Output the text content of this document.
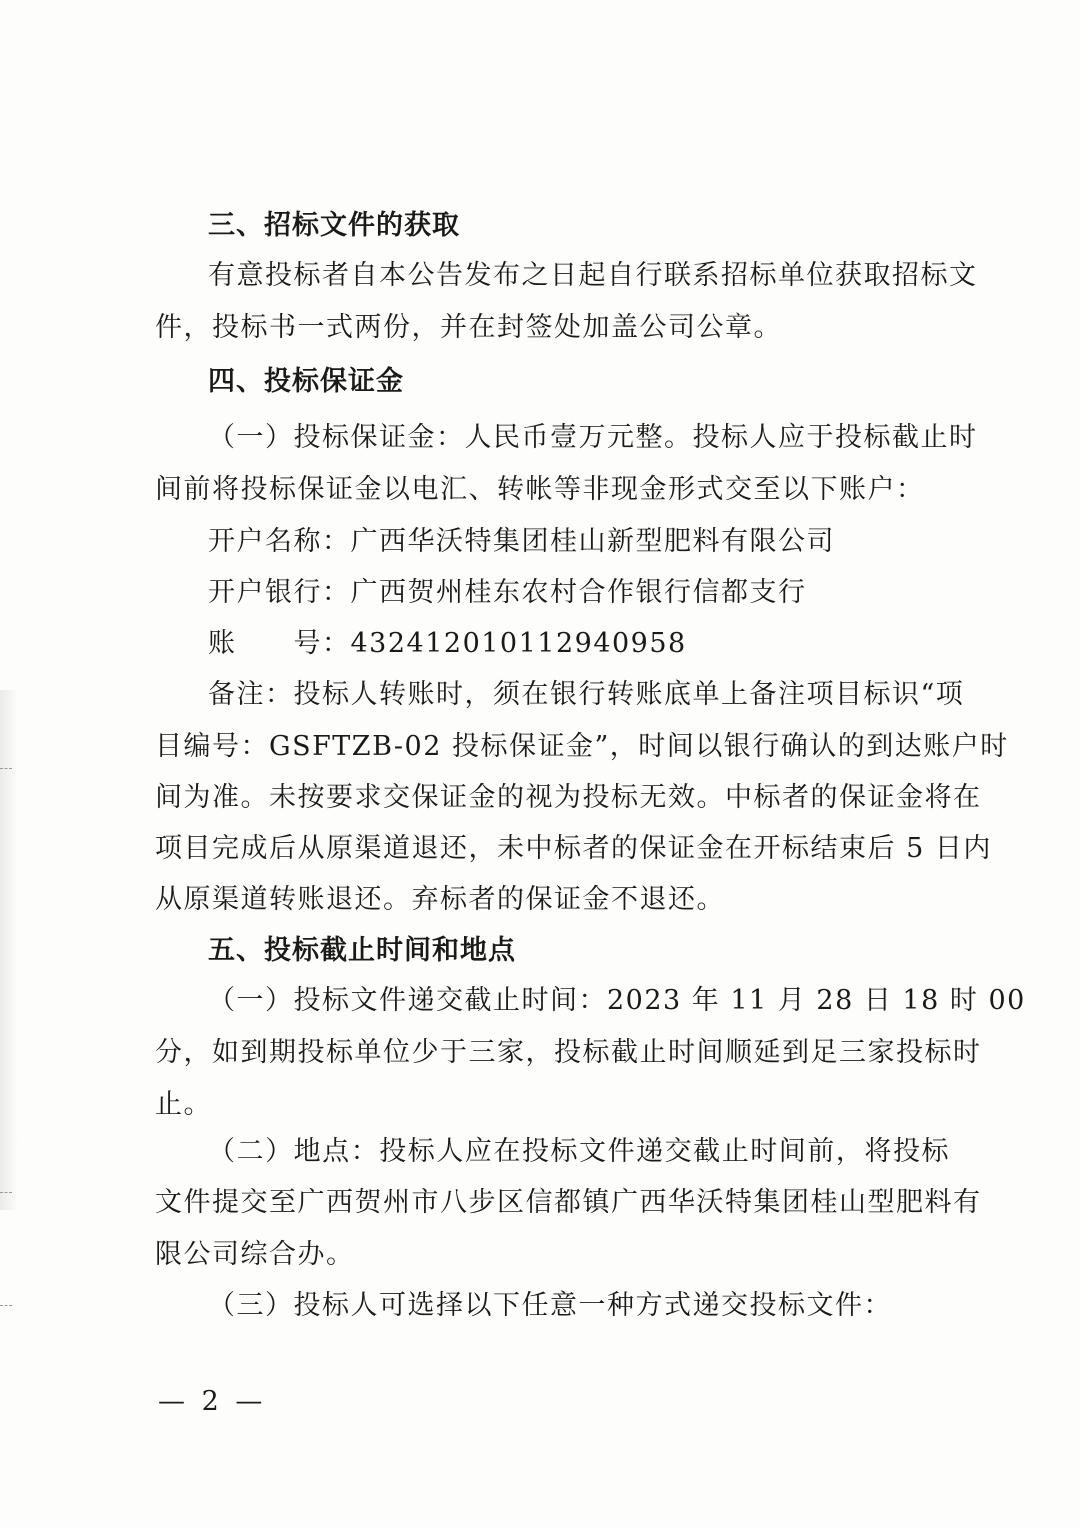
三、招标文件的获取
有意投标者自本公告发布之日起自行联系招标单位获取招标文
件，投标书一式两份，并在封签处加盖公司公章。
四、投标保证金
（一）投标保证金：人民币壹万元整。投标人应于投标截止时
间前将投标保证金以电汇、转帐等非现金形式交至以下账户：
开户名称：广西华沃特集团桂山新型肥料有限公司
开户银行：广西贺州桂东农村合作银行信都支行
账　　号：432412010112940958
备注：投标人转账时，须在银行转账底单上备注项目标识“项
目编号：GSFTZB-02 投标保证金”，时间以银行确认的到达账户时
间为准。未按要求交保证金的视为投标无效。中标者的保证金将在
项目完成后从原渠道退还，未中标者的保证金在开标结束后 5 日内
从原渠道转账退还。弃标者的保证金不退还。
五、投标截止时间和地点
（一）投标文件递交截止时间：2023 年 11 月 28 日 18 时 00
分，如到期投标单位少于三家，投标截止时间顺延到足三家投标时
止。
（二）地点：投标人应在投标文件递交截止时间前，将投标
文件提交至广西贺州市八步区信都镇广西华沃特集团桂山型肥料有
限公司综合办。
（三）投标人可选择以下任意一种方式递交投标文件：
— 2 —
